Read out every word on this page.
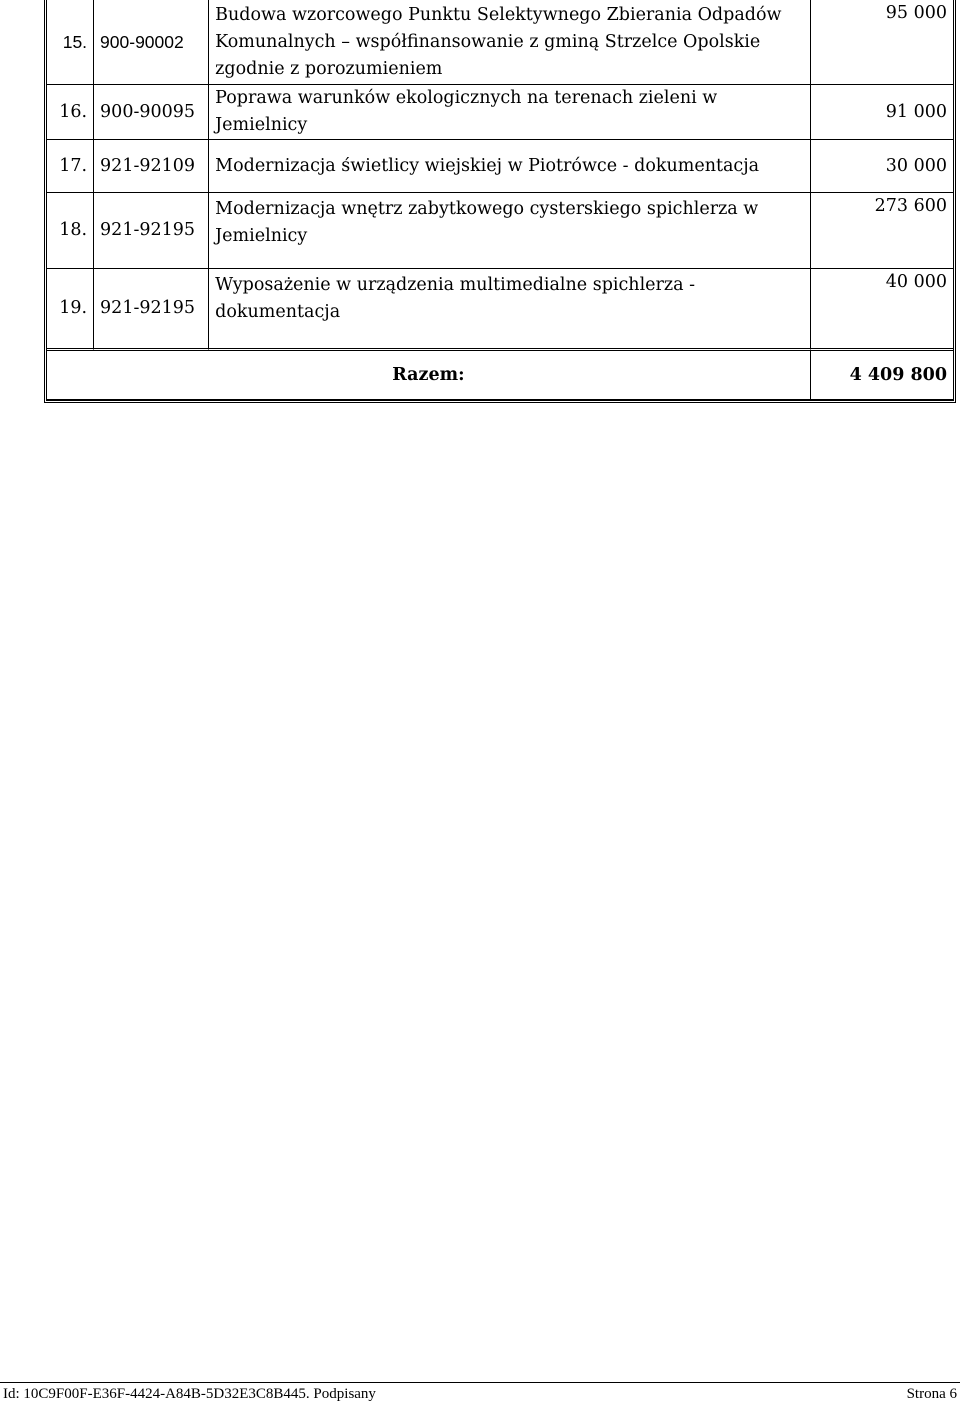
15.	900-90002	Budowa wzorcowego Punktu Selektywnego Zbierania Odpadów Komunalnych – współfinansowanie z gminą Strzelce Opolskie zgodnie z porozumieniem	95 000
16.	900-90095	Poprawa warunków ekologicznych na terenach zieleni w Jemielnicy	91 000
17.	921-92109	Modernizacja świetlicy wiejskiej w Piotrówce - dokumentacja	30 000
18.	921-92195	Modernizacja wnętrz zabytkowego cysterskiego spichlerza w Jemielnicy	273 600
19.	921-92195	Wyposażenie w urządzenia multimedialne spichlerza - dokumentacja	40 000
Razem:			4 409 800
Id: 10C9F00F-E36F-4424-A84B-5D32E3C8B445. Podpisany	Strona 6
